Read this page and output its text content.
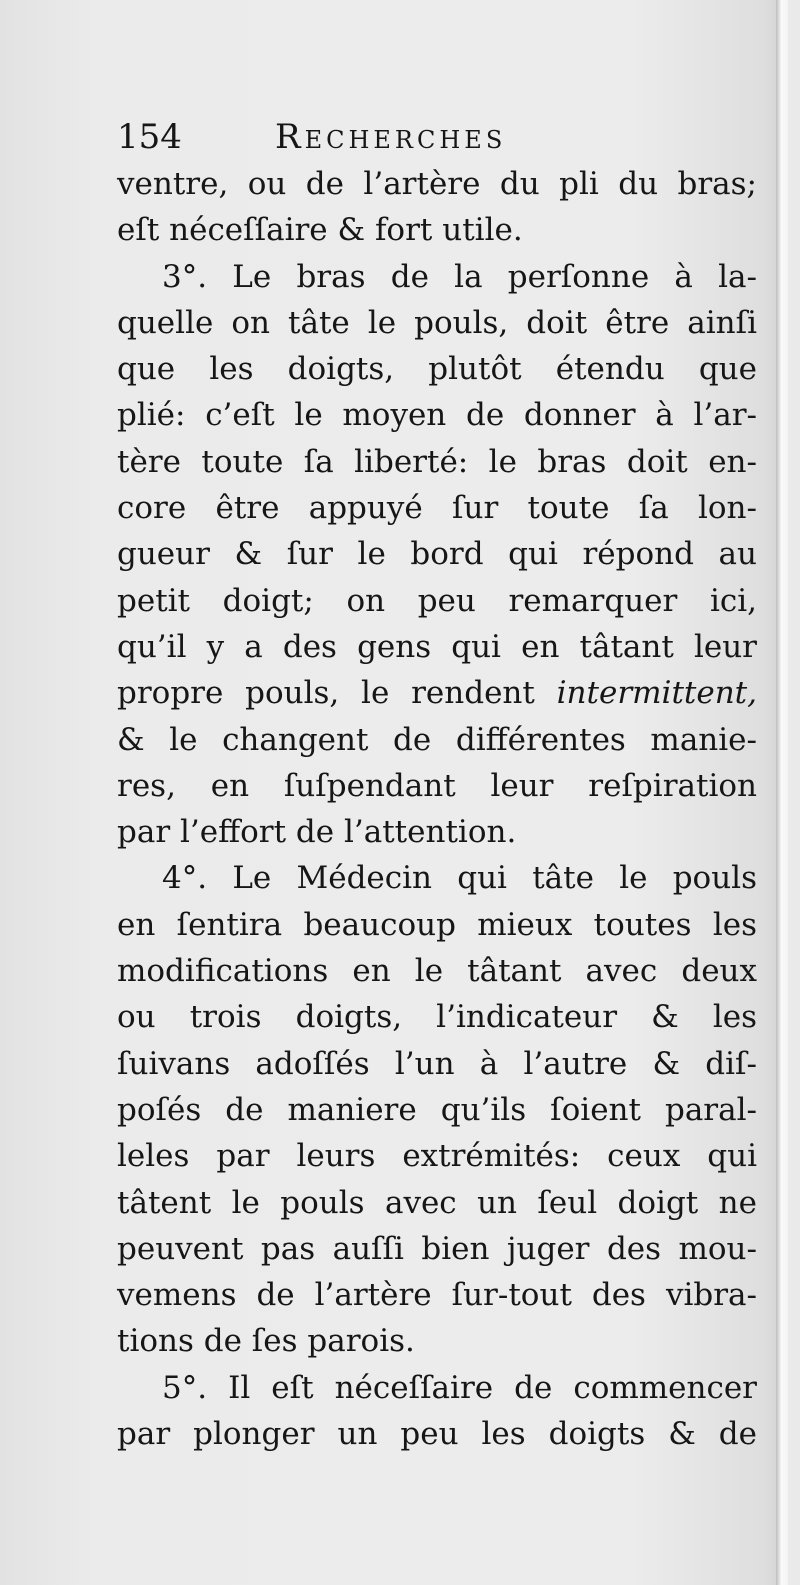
154	Recherches
ventre, ou de l’artère du pli du bras;
eſt néceſſaire & fort utile.
3°. Le bras de la perſonne à la-
quelle on tâte le pouls, doit être ainſi
que les doigts, plutôt étendu que
plié: c’eſt le moyen de donner à l’ar-
tère toute ſa liberté: le bras doit en-
core être appuyé ſur toute ſa lon-
gueur & ſur le bord qui répond au
petit doigt; on peu remarquer ici,
qu’il y a des gens qui en tâtant leur
propre pouls, le rendent intermittent,
& le changent de différentes manie-
res, en ſuſpendant leur reſpiration
par l’effort de l’attention.
4°. Le Médecin qui tâte le pouls
en ſentira beaucoup mieux toutes les
modifications en le tâtant avec deux
ou trois doigts, l’indicateur & les
ſuivans adoſſés l’un à l’autre & diſ-
poſés de maniere qu’ils ſoient paral-
leles par leurs extrémités: ceux qui
tâtent le pouls avec un ſeul doigt ne
peuvent pas auſſi bien juger des mou-
vemens de l’artère ſur-tout des vibra-
tions de ſes parois.
5°. Il eſt néceſſaire de commencer
par plonger un peu les doigts & de
